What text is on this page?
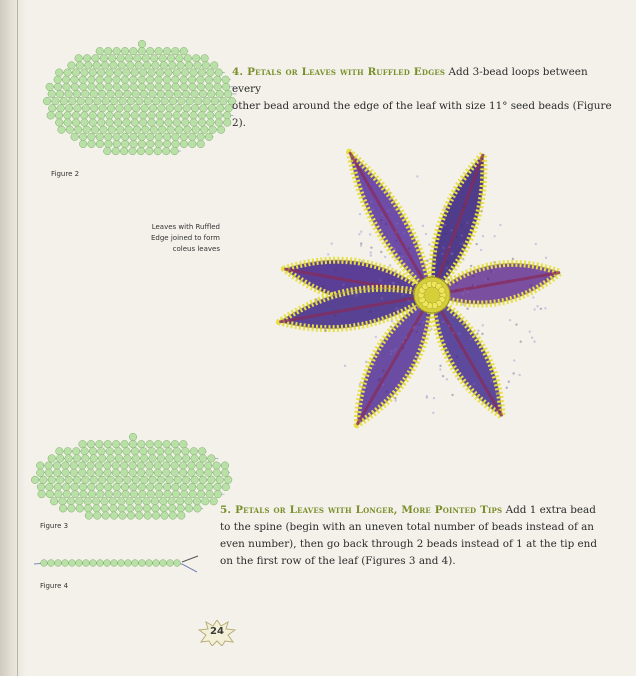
Figure 2
4. Petals or Leaves with Ruffled Edges Add 3-bead loops between every
other bead around the edge of the leaf with size 11° seed beads (Figure 2).
Leaves with Ruffled
Edge joined to form
coleus leaves
Figure 3
Figure 4
5. Petals or Leaves with Longer, More Pointed Tips Add 1 extra bead
to the spine (begin with an uneven total number of beads instead of an
even number), then go back through 2 beads instead of 1 at the tip end
on the first row of the leaf (Figures 3 and 4).
24
